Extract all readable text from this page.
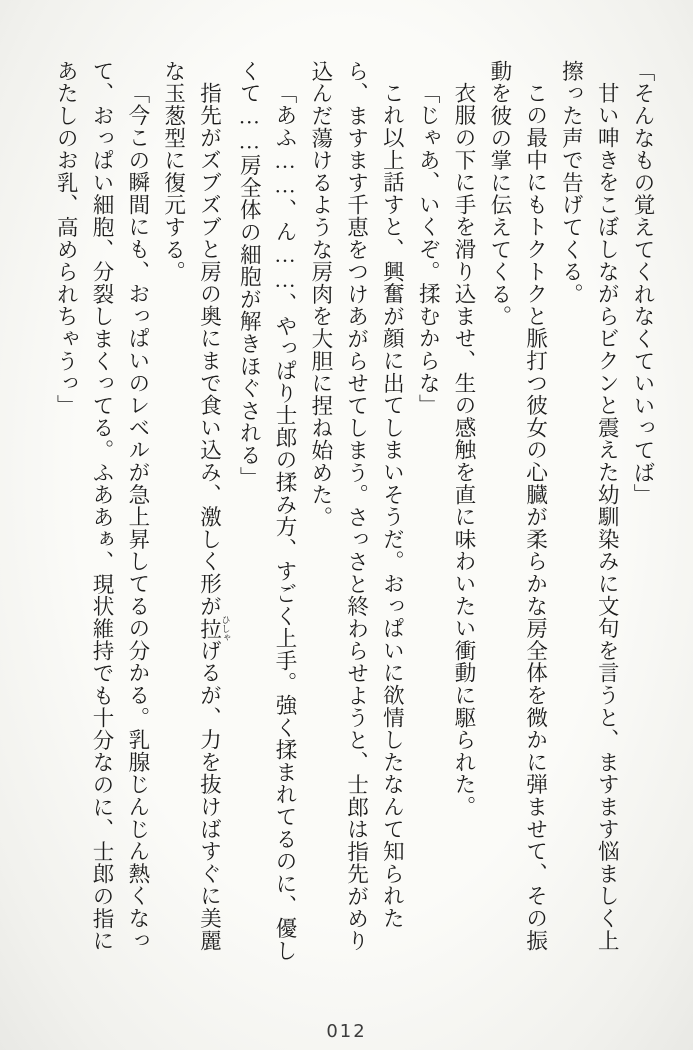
「そんなもの覚えてくれなくていいってば」

甘い呻きをこぼしながらビクンと震えた幼馴染みに文句を言うと、ますます悩ましく上擦った声で告げてくる。

この最中にもトクトクと脈打つ彼女の心臓が柔らかな房全体を微かに弾ませて、その振動を彼の掌に伝えてくる。

衣服の下に手を滑り込ませ、生の感触を直に味わいたい衝動に駆られた。

「じゃあ、いくぞ。揉むからな」

これ以上話すと、興奮が顔に出てしまいそうだ。おっぱいに欲情したなんて知られたら、ますます千恵をつけあがらせてしまう。さっさと終わらせようと、士郎は指先がめり込んだ蕩けるような房肉を大胆に捏ね始めた。

「あふ……、ん……、やっぱり士郎の揉み方、すごく上手。強く揉まれてるのに、優しくて……房全体の細胞が解きほぐされる」

指先がズブズブと房の奥にまで食い込み、激しく形が拉 ひしゃげるが、力を抜けばすぐに美麗な玉葱型に復元する。

「今この瞬間にも、おっぱいのレベルが急上昇してるの分かる。乳腺じんじん熱くなって、おっぱい細胞、分裂しまくってる。ふああぁ、現状維持でも十分なのに、士郎の指にあたしのお乳、高められちゃうっ」

012
